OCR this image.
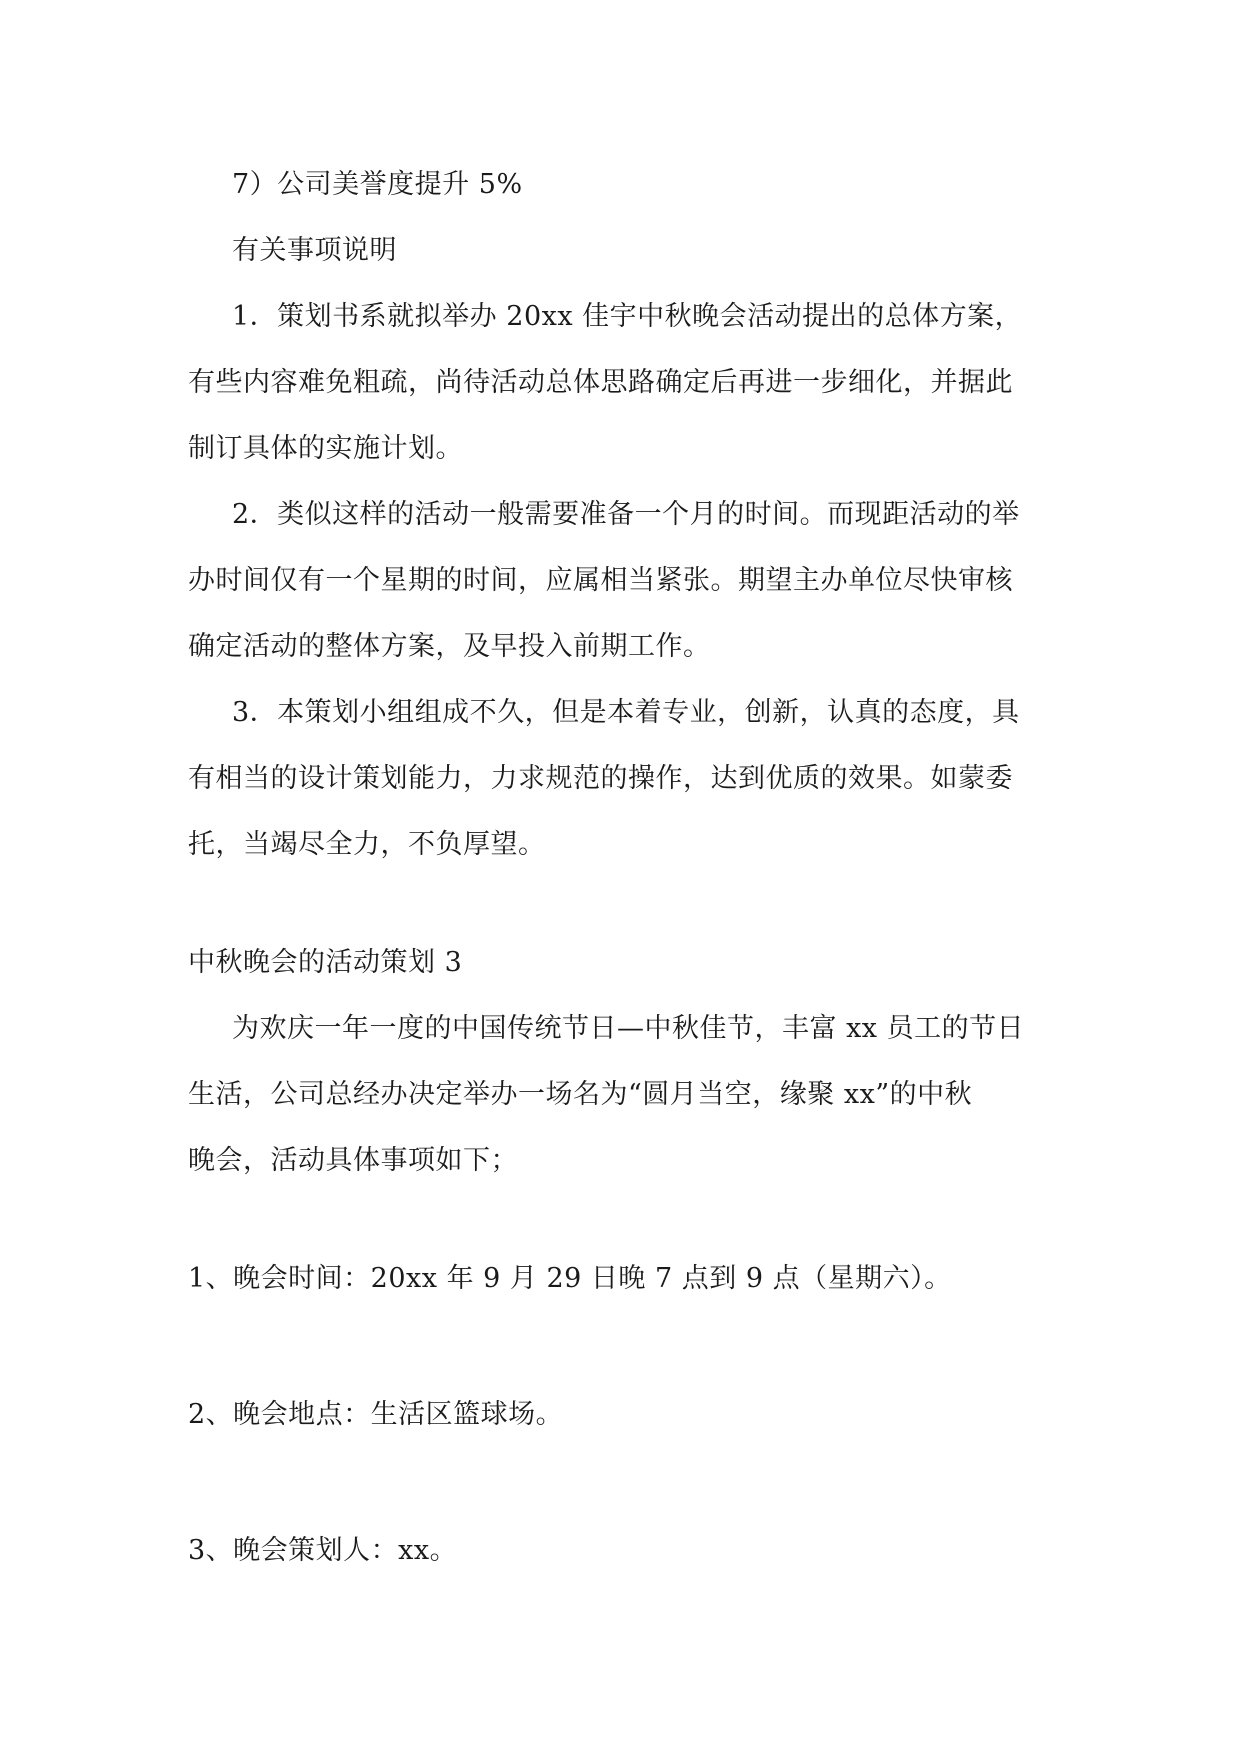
7）公司美誉度提升 5%
有关事项说明
1．策划书系就拟举办 20xx 佳宇中秋晚会活动提出的总体方案，
有些内容难免粗疏，尚待活动总体思路确定后再进一步细化，并据此
制订具体的实施计划。
2．类似这样的活动一般需要准备一个月的时间。而现距活动的举
办时间仅有一个星期的时间，应属相当紧张。期望主办单位尽快审核
确定活动的整体方案，及早投入前期工作。
3．本策划小组组成不久，但是本着专业，创新，认真的态度，具
有相当的设计策划能力，力求规范的操作，达到优质的效果。如蒙委
托，当竭尽全力，不负厚望。
中秋晚会的活动策划 3
为欢庆一年一度的中国传统节日—中秋佳节，丰富 xx 员工的节日
生活，公司总经办决定举办一场名为“圆月当空，缘聚 xx”的中秋
晚会，活动具体事项如下；
1、晚会时间：20xx 年 9 月 29 日晚 7 点到 9 点（星期六）。
2、晚会地点：生活区篮球场。
3、晚会策划人：xx。
